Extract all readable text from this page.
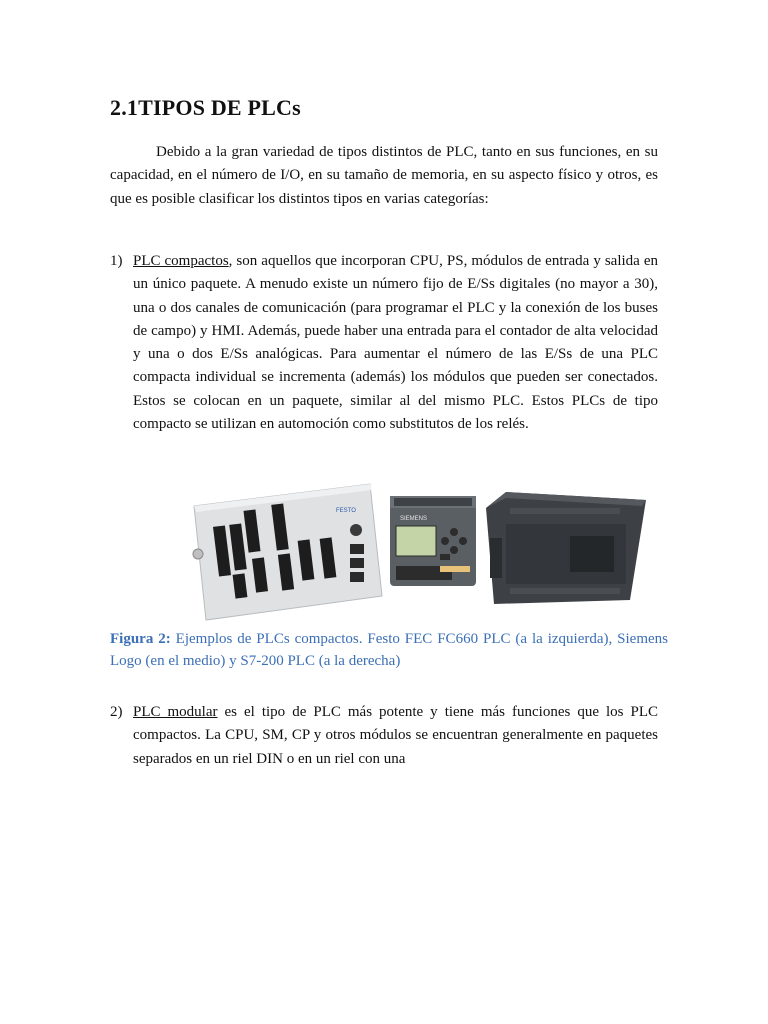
2.1TIPOS DE PLCs
Debido a la gran variedad de tipos distintos de PLC, tanto en sus funciones, en su capacidad, en el número de I/O, en su tamaño de memoria, en su aspecto físico y otros, es que es posible clasificar los distintos tipos en varias categorías:
1) PLC compactos, son aquellos que incorporan CPU, PS, módulos de entrada y salida en un único paquete. A menudo existe un número fijo de E/Ss digitales (no mayor a 30), una o dos canales de comunicación (para programar el PLC y la conexión de los buses de campo) y HMI. Además, puede haber una entrada para el contador de alta velocidad y una o dos E/Ss analógicas. Para aumentar el número de las E/Ss de una PLC compacta individual se incrementa (además) los módulos que pueden ser conectados. Estos se colocan en un paquete, similar al del mismo PLC. Estos PLCs de tipo compacto se utilizan en automoción como substitutos de los relés.
FESTO
SIEMENS
Figura 2: Ejemplos de PLCs compactos. Festo FEC FC660 PLC (a la izquierda), Siemens Logo (en el medio) y S7-200 PLC (a la derecha)
2) PLC modular es el tipo de PLC más potente y tiene más funciones que los PLC compactos. La CPU, SM, CP y otros módulos se encuentran generalmente en paquetes separados en un riel DIN o en un riel con una
